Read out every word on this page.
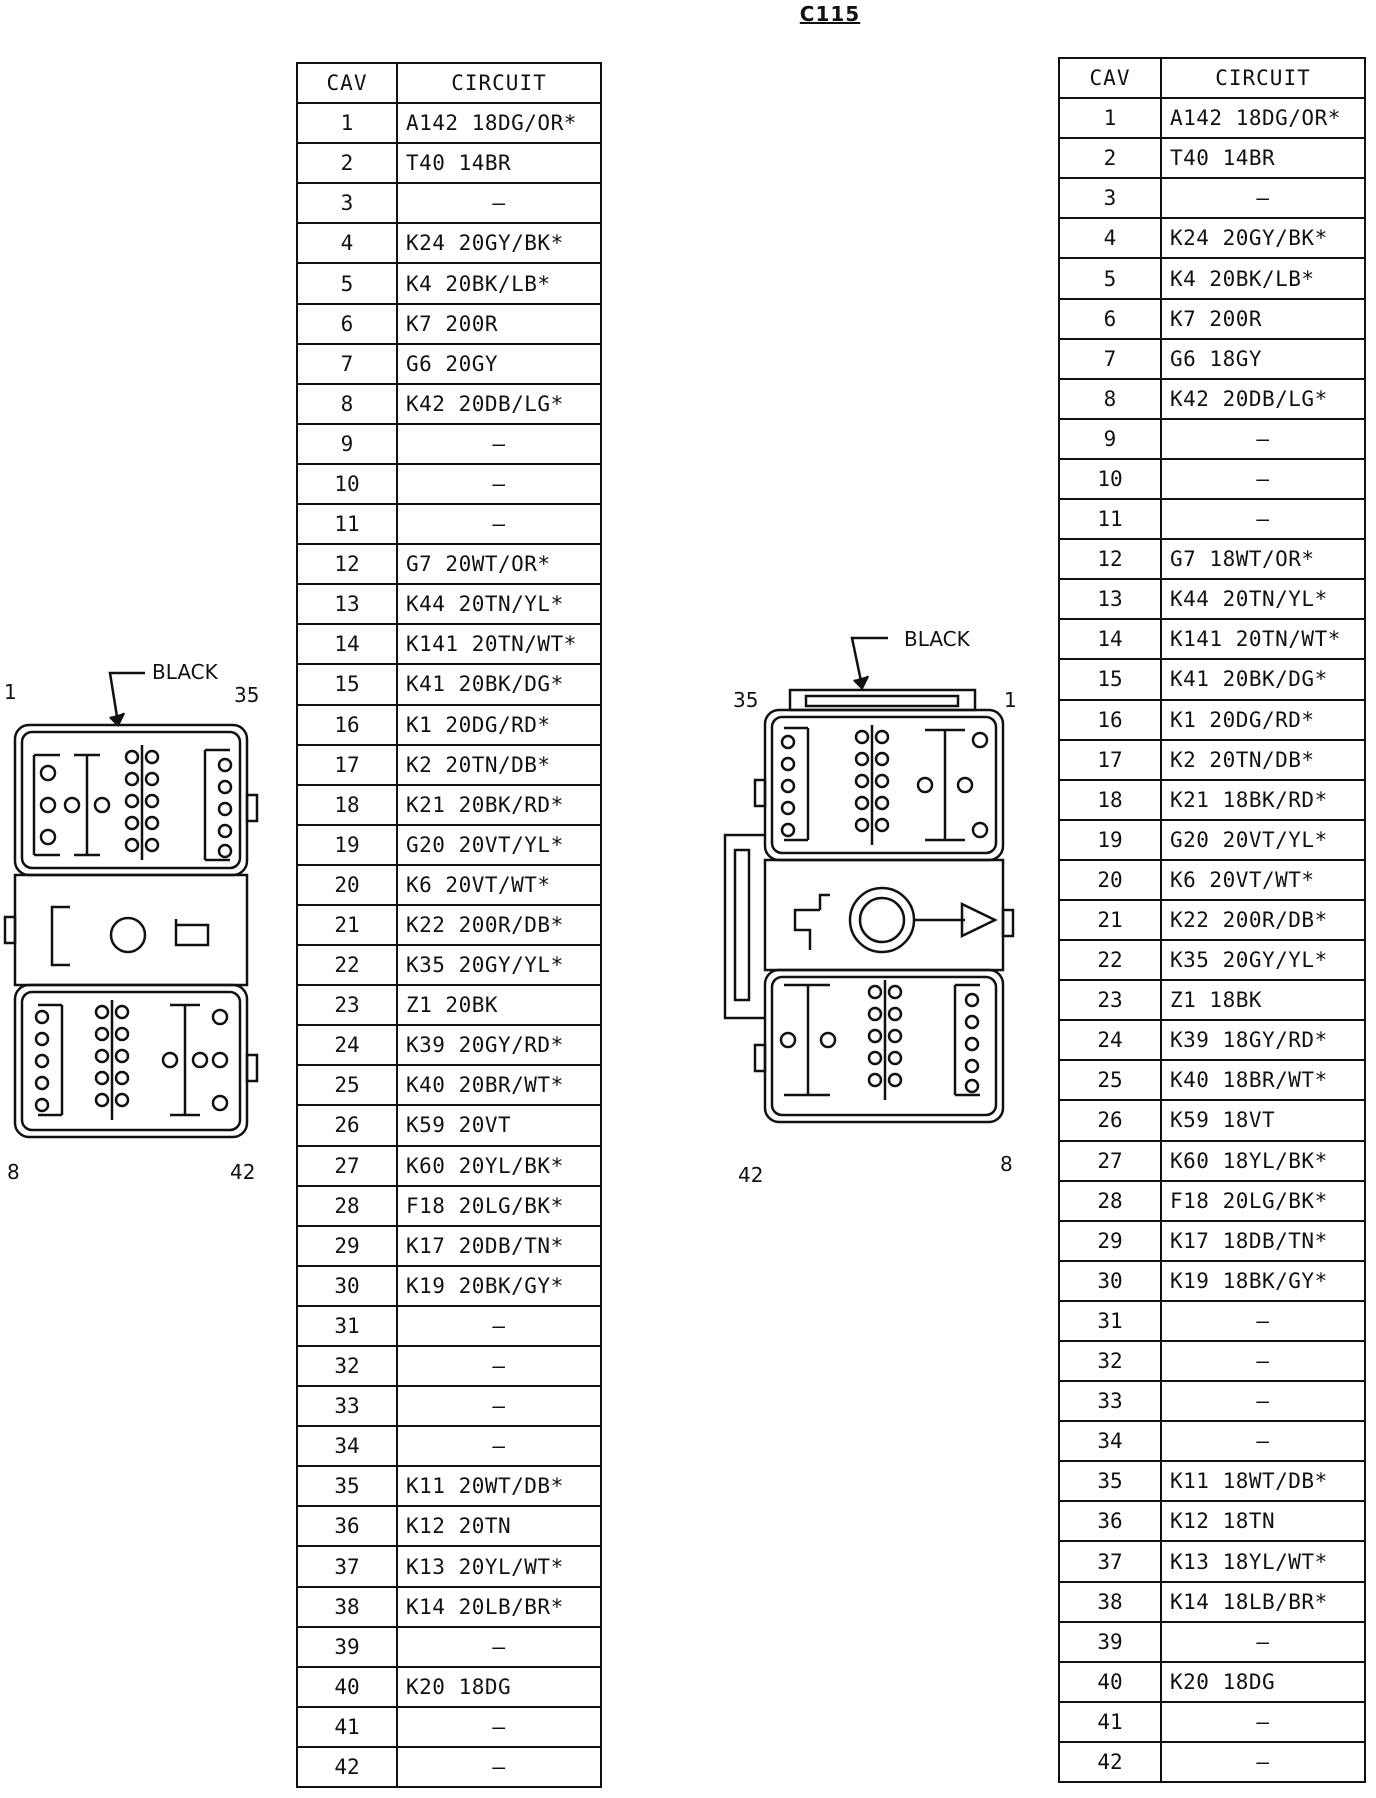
C115
BLACK
1	35
8	42
BLACK
35	1
42	8
CAV	CIRCUIT
1	A142 18DG/OR*
2	T40 14BR
3	—
4	K24 20GY/BK*
5	K4 20BK/LB*
6	K7 200R
7	G6 20GY
8	K42 20DB/LG*
9	—
10	—
11	—
12	G7 20WT/OR*
13	K44 20TN/YL*
14	K141 20TN/WT*
15	K41 20BK/DG*
16	K1 20DG/RD*
17	K2 20TN/DB*
18	K21 20BK/RD*
19	G20 20VT/YL*
20	K6 20VT/WT*
21	K22 200R/DB*
22	K35 20GY/YL*
23	Z1 20BK
24	K39 20GY/RD*
25	K40 20BR/WT*
26	K59 20VT
27	K60 20YL/BK*
28	F18 20LG/BK*
29	K17 20DB/TN*
30	K19 20BK/GY*
31	—
32	—
33	—
34	—
35	K11 20WT/DB*
36	K12 20TN
37	K13 20YL/WT*
38	K14 20LB/BR*
39	—
40	K20 18DG
41	—
42	—
CAV	CIRCUIT
1	A142 18DG/OR*
2	T40 14BR
3	—
4	K24 20GY/BK*
5	K4 20BK/LB*
6	K7 200R
7	G6 18GY
8	K42 20DB/LG*
9	—
10	—
11	—
12	G7 18WT/OR*
13	K44 20TN/YL*
14	K141 20TN/WT*
15	K41 20BK/DG*
16	K1 20DG/RD*
17	K2 20TN/DB*
18	K21 18BK/RD*
19	G20 20VT/YL*
20	K6 20VT/WT*
21	K22 200R/DB*
22	K35 20GY/YL*
23	Z1 18BK
24	K39 18GY/RD*
25	K40 18BR/WT*
26	K59 18VT
27	K60 18YL/BK*
28	F18 20LG/BK*
29	K17 18DB/TN*
30	K19 18BK/GY*
31	—
32	—
33	—
34	—
35	K11 18WT/DB*
36	K12 18TN
37	K13 18YL/WT*
38	K14 18LB/BR*
39	—
40	K20 18DG
41	—
42	—
